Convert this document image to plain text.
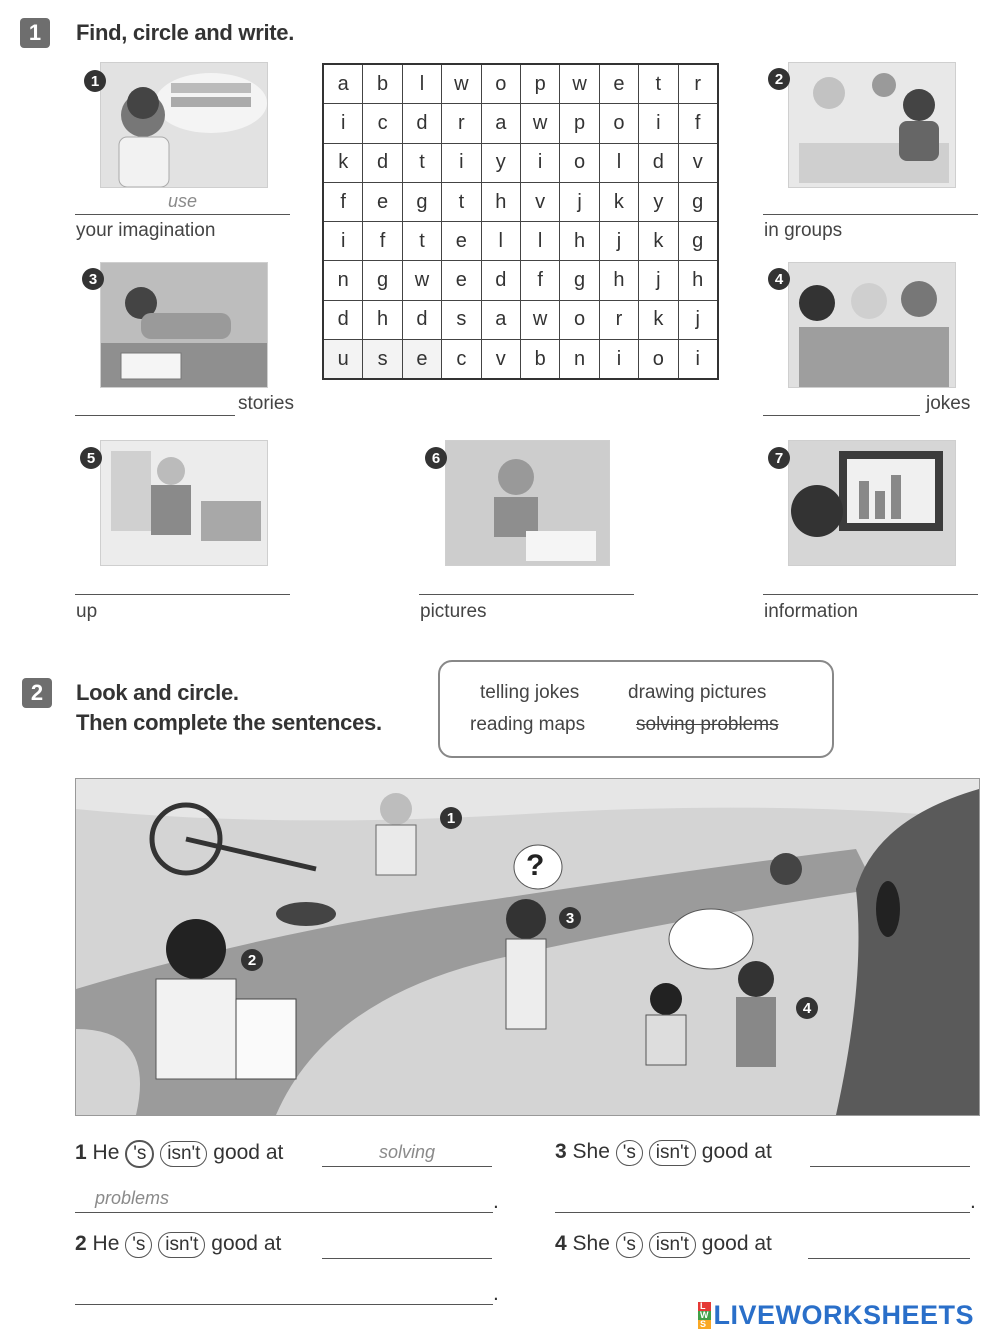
1	Find, circle and write.
1
use
your imagination
3
stories
a	b	l	w	o	p	w	e	t	r
i	c	d	r	a	w	p	o	i	f
k	d	t	i	y	i	o	l	d	v
f	e	g	t	h	v	j	k	y	g
i	f	t	e	l	l	h	j	k	g
n	g	w	e	d	f	g	h	j	h
d	h	d	s	a	w	o	r	k	j
u	s	e	c	v	b	n	i	o	i
2
in groups
4
jokes
5
up
6
pictures
7
information
2	Look and circle.
Then complete the sentences.
telling jokes	drawing pictures
reading maps	solving problems
?
1
2
3
4
1 He 's isn't good at	solving
problems	.
2 He 's isn't good at
.
3 She 's isn't good at
.
4 She 's isn't good at
L
W
S LIVEWORKSHEETS
